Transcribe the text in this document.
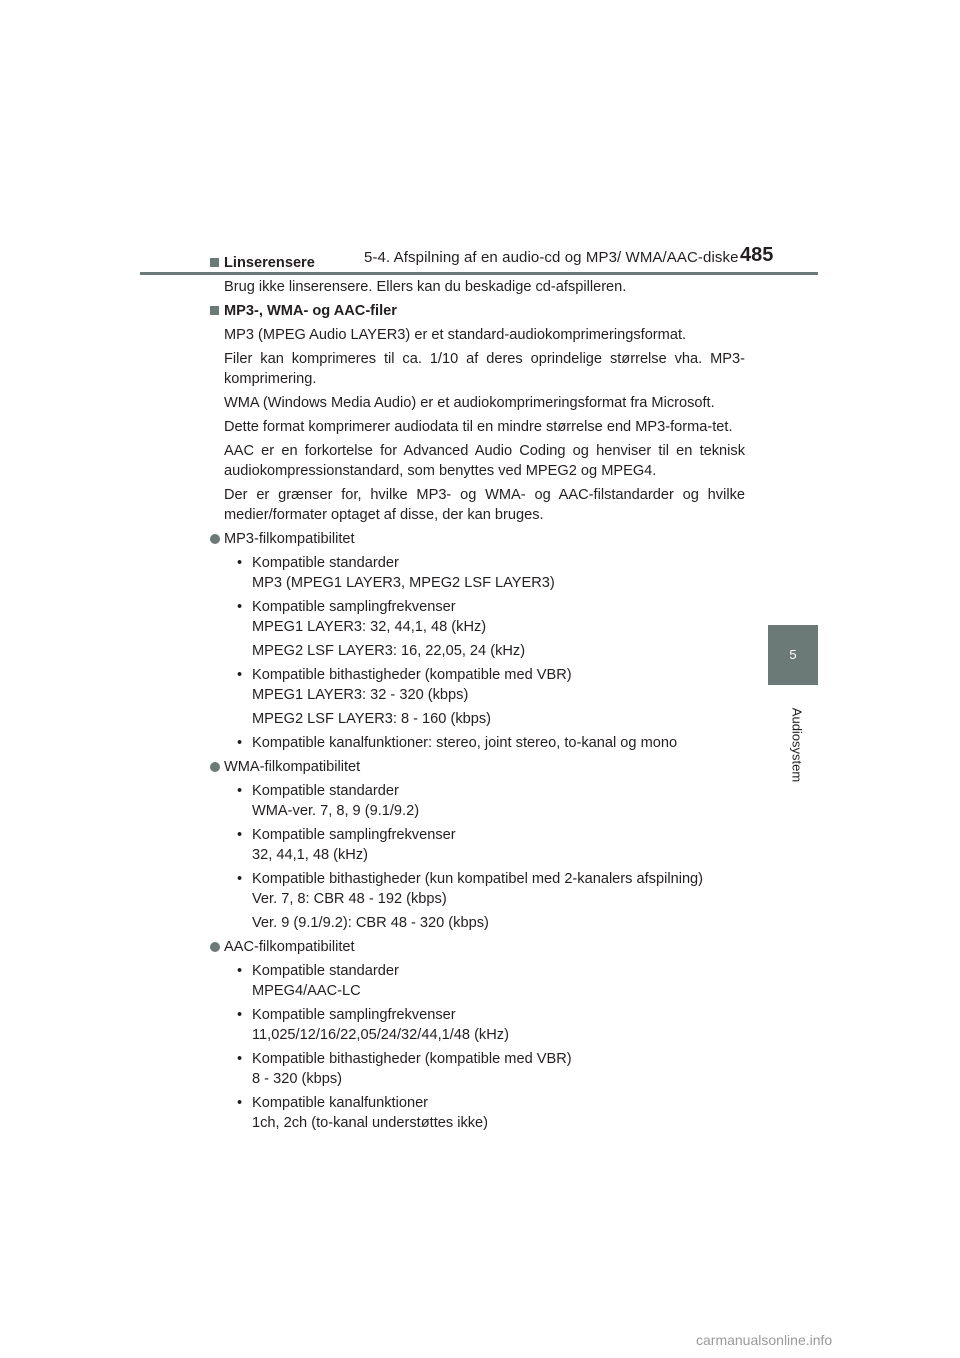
5-4. Afspilning af en audio-cd og MP3/ WMA/AAC-diske 485
5
Audiosystem
Linserensere
Brug ikke linserensere. Ellers kan du beskadige cd-afspilleren.
MP3-, WMA- og AAC-filer
MP3 (MPEG Audio LAYER3) er et standard-audiokomprimeringsformat.
Filer kan komprimeres til ca. 1/10 af deres oprindelige størrelse vha. MP3-komprimering.
WMA (Windows Media Audio) er et audiokomprimeringsformat fra Microsoft.
Dette format komprimerer audiodata til en mindre størrelse end MP3-forma-tet.
AAC er en forkortelse for Advanced Audio Coding og henviser til en teknisk audiokompressionstandard, som benyttes ved MPEG2 og MPEG4.
Der er grænser for, hvilke MP3- og WMA- og AAC-filstandarder og hvilke medier/formater optaget af disse, der kan bruges.
MP3-filkompatibilitet
• Kompatible standarder
MP3 (MPEG1 LAYER3, MPEG2 LSF LAYER3)
• Kompatible samplingfrekvenser
MPEG1 LAYER3: 32, 44,1, 48 (kHz)
MPEG2 LSF LAYER3: 16, 22,05, 24 (kHz)
• Kompatible bithastigheder (kompatible med VBR)
MPEG1 LAYER3: 32 - 320 (kbps)
MPEG2 LSF LAYER3: 8 - 160 (kbps)
• Kompatible kanalfunktioner: stereo, joint stereo, to-kanal og mono
WMA-filkompatibilitet
• Kompatible standarder
WMA-ver. 7, 8, 9 (9.1/9.2)
• Kompatible samplingfrekvenser
32, 44,1, 48 (kHz)
• Kompatible bithastigheder (kun kompatibel med 2-kanalers afspilning)
Ver. 7, 8: CBR 48 - 192 (kbps)
Ver. 9 (9.1/9.2): CBR 48 - 320 (kbps)
AAC-filkompatibilitet
• Kompatible standarder
MPEG4/AAC-LC
• Kompatible samplingfrekvenser
11,025/12/16/22,05/24/32/44,1/48 (kHz)
• Kompatible bithastigheder (kompatible med VBR)
8 - 320 (kbps)
• Kompatible kanalfunktioner
1ch, 2ch (to-kanal understøttes ikke)
carmanualsonline.info
